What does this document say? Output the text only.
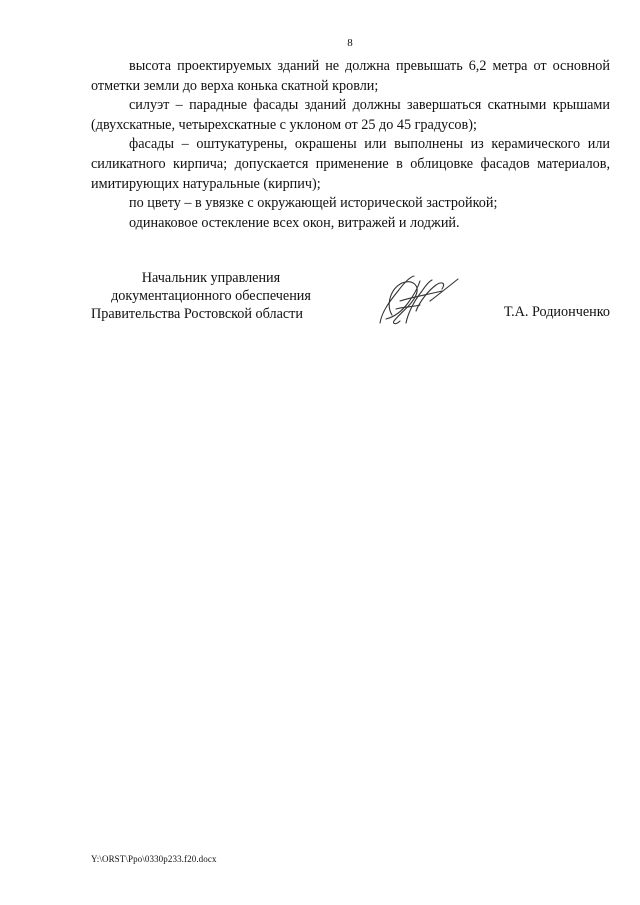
8

высота проектируемых зданий не должна превышать 6,2 метра от основной отметки земли до верха конька скатной кровли;

силуэт – парадные фасады зданий должны завершаться скатными крышами (двухскатные, четырехскатные с уклоном от 25 до 45 градусов);

фасады – оштукатурены, окрашены или выполнены из керамического или силикатного кирпича; допускается применение в облицовке фасадов материалов, имитирующих натуральные (кирпич);

по цвету – в увязке с окружающей исторической застройкой;

одинаковое остекление всех окон, витражей и лоджий.

Начальник управления
документационного обеспечения
Правительства Ростовской области	Т.А. Родионченко
Y:\ORST\Ppo\0330p233.f20.docx
